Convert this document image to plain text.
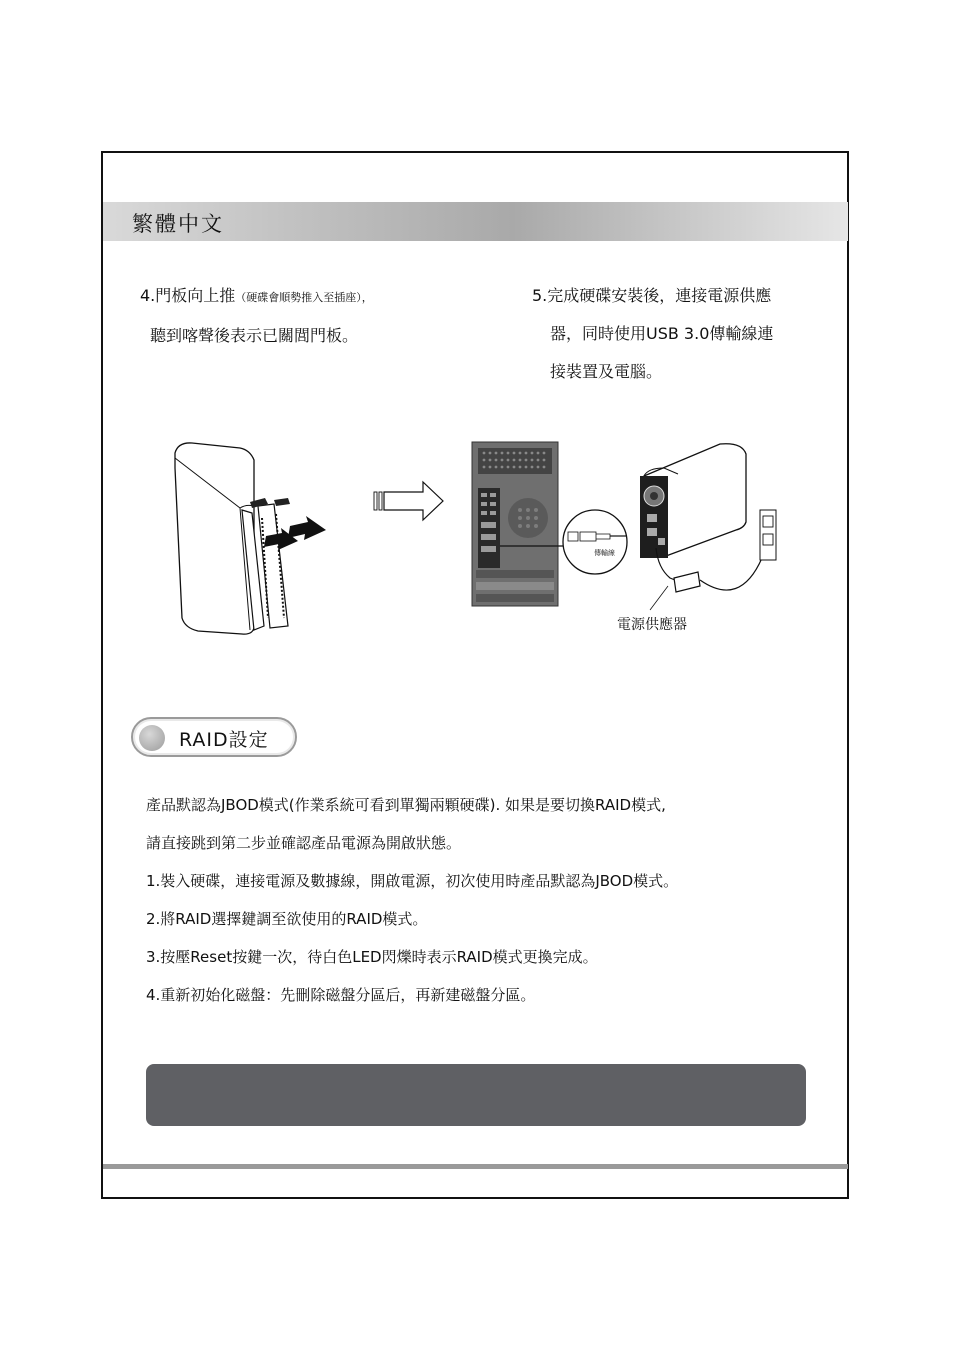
繁體中文
4.門板向上推（硬碟會順勢推入至插座），
聽到喀聲後表示已關閭門板。
5.完成硬碟安裝後，連接電源供應
器，同時使用USB 3.0傳輸線連
接裝置及電腦。
傳輸線
電源供應器
RAID設定

產品默認為JBOD模式(作業系統可看到單獨兩顆硬碟). 如果是要切換RAID模式,

請直接跳到第二步並確認產品電源為開啟狀態。

1.裝入硬碟，連接電源及數據線，開啟電源，初次使用時產品默認為JBOD模式。

2.將RAID選擇鍵調至欲使用的RAID模式。

3.按壓Reset按鍵一次，待白色LED閃爍時表示RAID模式更換完成。

4.重新初始化磁盤：先刪除磁盤分區后，再新建磁盤分區。
